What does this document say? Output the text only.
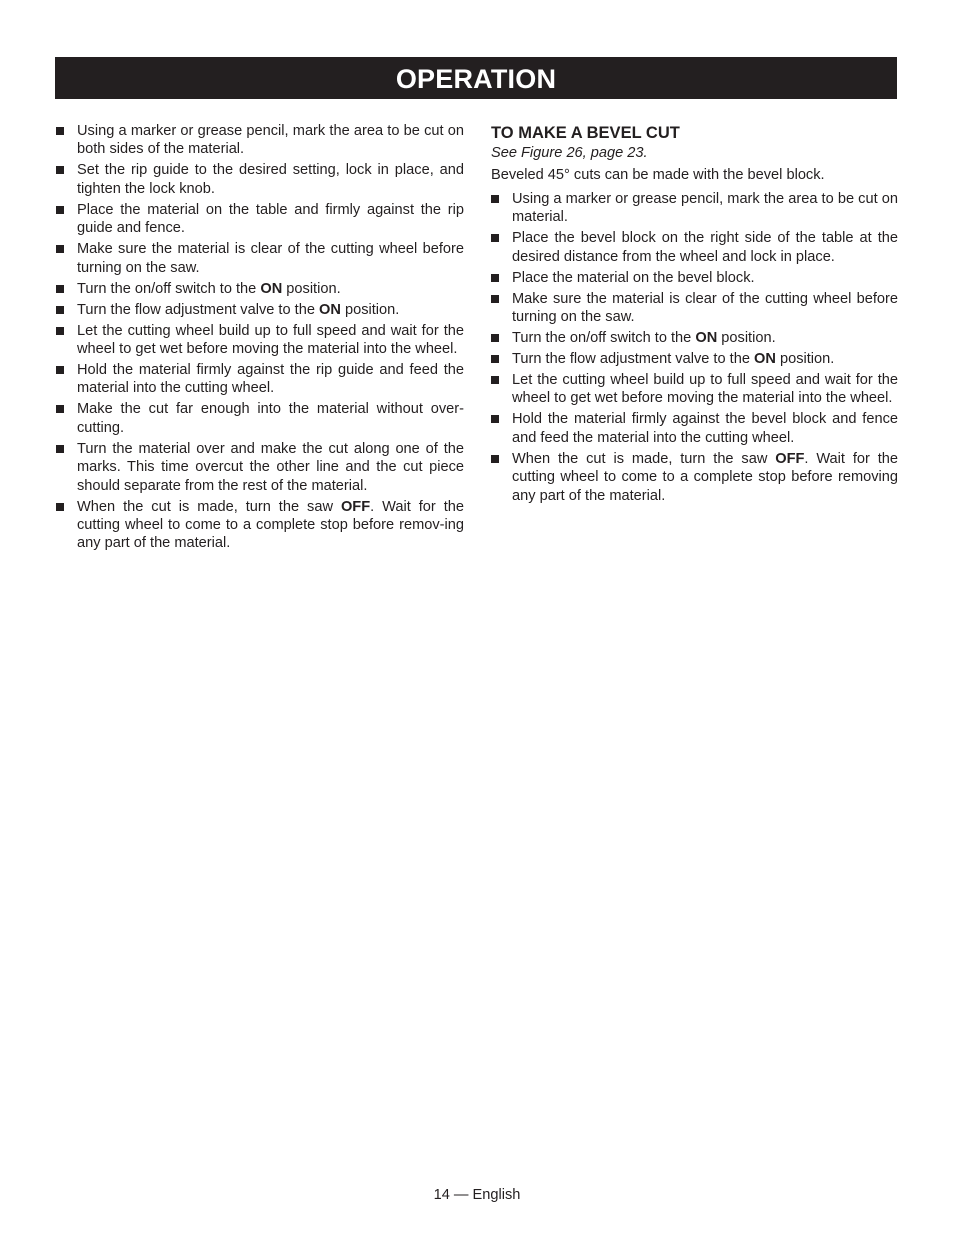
OPERATION
Using a marker or grease pencil, mark the area to be cut on both sides of the material.
Set the rip guide to the desired setting, lock in place, and tighten the lock knob.
Place the material on the table and firmly against the rip guide and fence.
Make sure the material is clear of the cutting wheel before turning on the saw.
Turn the on/off switch to the ON position.
Turn the flow adjustment valve to the ON position.
Let the cutting wheel build up to full speed and wait for the wheel to get wet before moving the material into the wheel.
Hold the material firmly against the rip guide and feed the material into the cutting wheel.
Make the cut far enough into the material without over-cutting.
Turn the material over and make the cut along one of the marks. This time overcut the other line and the cut piece should separate from the rest of the material.
When the cut is made, turn the saw OFF. Wait for the cutting wheel to come to a complete stop before remov-ing any part of the material.
TO MAKE A BEVEL CUT

See Figure 26, page 23.

Beveled 45° cuts can be made with the bevel block.

Using a marker or grease pencil, mark the area to be cut on material.
Place the bevel block on the right side of the table at the desired distance from the wheel and lock in place.
Place the material on the bevel block.
Make sure the material is clear of the cutting wheel before turning on the saw.
Turn the on/off switch to the ON position.
Turn the flow adjustment valve to the ON position.
Let the cutting wheel build up to full speed and wait for the wheel to get wet before moving the material into the wheel.
Hold the material firmly against the bevel block and fence and feed the material into the cutting wheel.
When the cut is made, turn the saw OFF. Wait for the cutting wheel to come to a complete stop before removing any part of the material.
14 — English
